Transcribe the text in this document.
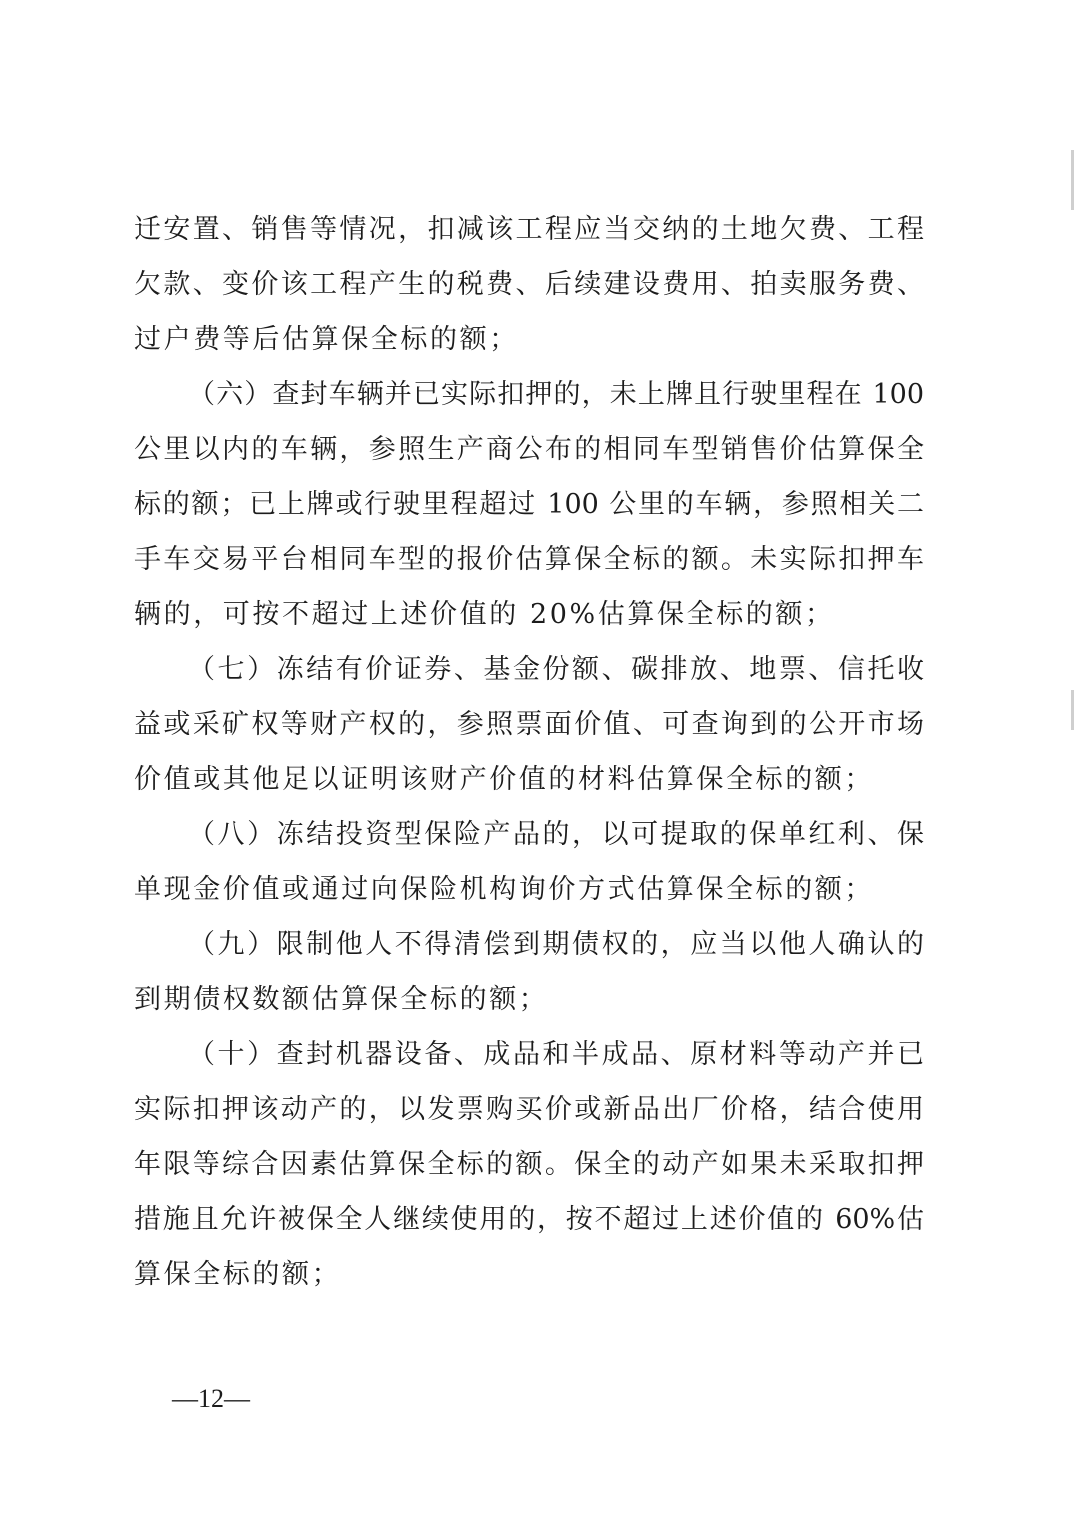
迁安置、销售等情况，扣减该工程应当交纳的土地欠费、工程
欠款、变价该工程产生的税费、后续建设费用、拍卖服务费、
过户费等后估算保全标的额；
（六）查封车辆并已实际扣押的，未上牌且行驶里程在 100
公里以内的车辆，参照生产商公布的相同车型销售价估算保全
标的额；已上牌或行驶里程超过 100 公里的车辆，参照相关二
手车交易平台相同车型的报价估算保全标的额。未实际扣押车
辆的，可按不超过上述价值的 20%估算保全标的额；
（七）冻结有价证券、基金份额、碳排放、地票、信托收
益或采矿权等财产权的，参照票面价值、可查询到的公开市场
价值或其他足以证明该财产价值的材料估算保全标的额；
（八）冻结投资型保险产品的，以可提取的保单红利、保
单现金价值或通过向保险机构询价方式估算保全标的额；
（九）限制他人不得清偿到期债权的，应当以他人确认的
到期债权数额估算保全标的额；
（十）查封机器设备、成品和半成品、原材料等动产并已
实际扣押该动产的，以发票购买价或新品出厂价格，结合使用
年限等综合因素估算保全标的额。保全的动产如果未采取扣押
措施且允许被保全人继续使用的，按不超过上述价值的 60%估
算保全标的额；
—12—
